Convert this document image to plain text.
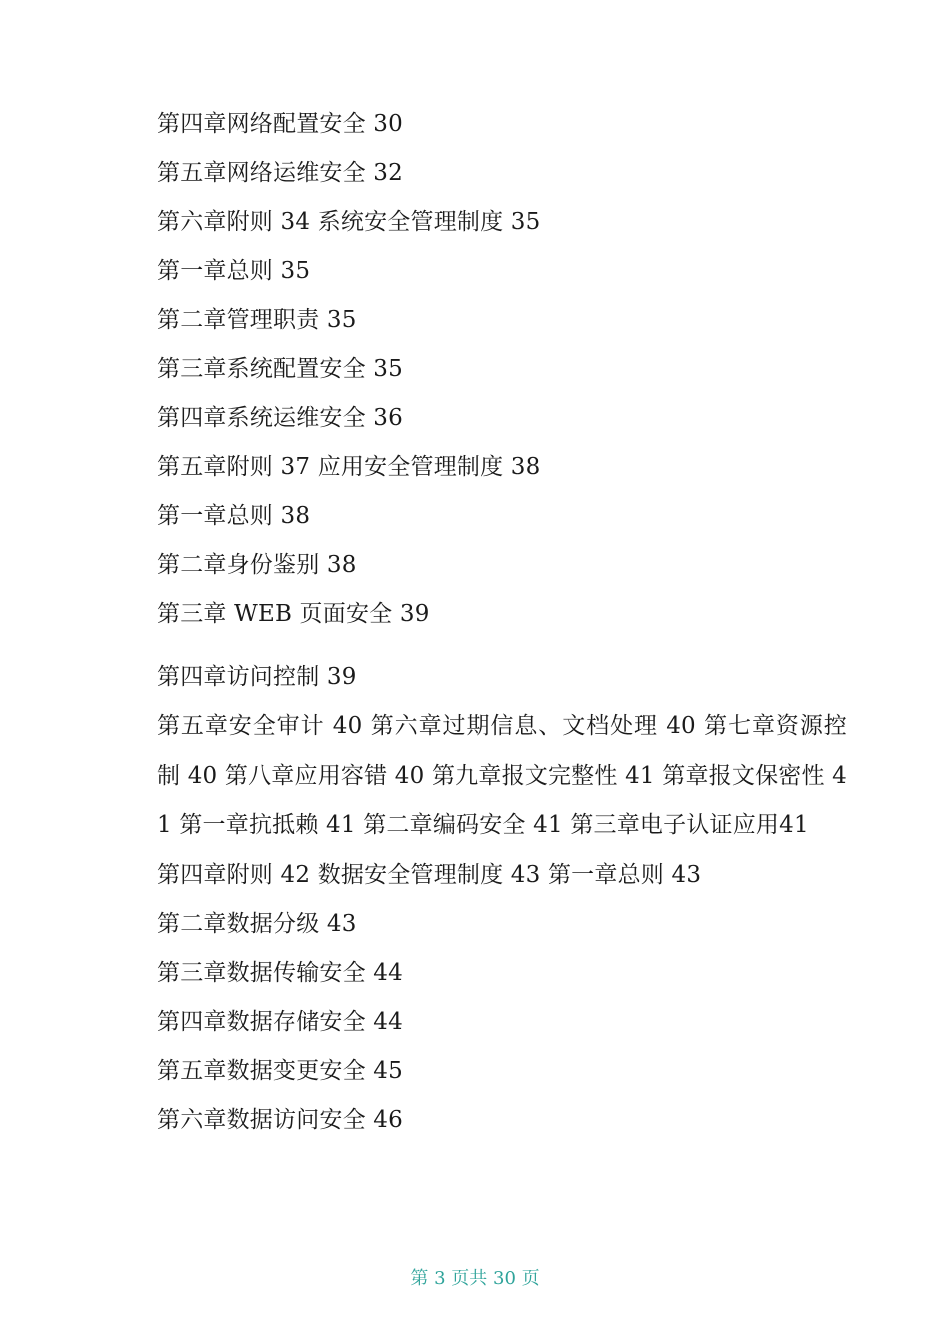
第四章网络配置安全 30
第五章网络运维安全 32
第六章附则 34 系统安全管理制度 35
第一章总则 35
第二章管理职责 35
第三章系统配置安全 35
第四章系统运维安全 36
第五章附则 37 应用安全管理制度 38
第一章总则 38
第二章身份鉴别 38
第三章 WEB 页面安全 39
第四章访问控制 39
第五章安全审计 40 第六章过期信息、文档处理 40 第七章资源控制 40 第八章应用容错 40 第九章报文完整性 41 第章报文保密性 41 第一章抗抵赖 41 第二章编码安全 41 第三章电子认证应用41
第四章附则 42 数据安全管理制度 43 第一章总则 43
第二章数据分级 43
第三章数据传输安全 44
第四章数据存储安全 44
第五章数据变更安全 45
第六章数据访问安全 46
第 3 页共 30 页
